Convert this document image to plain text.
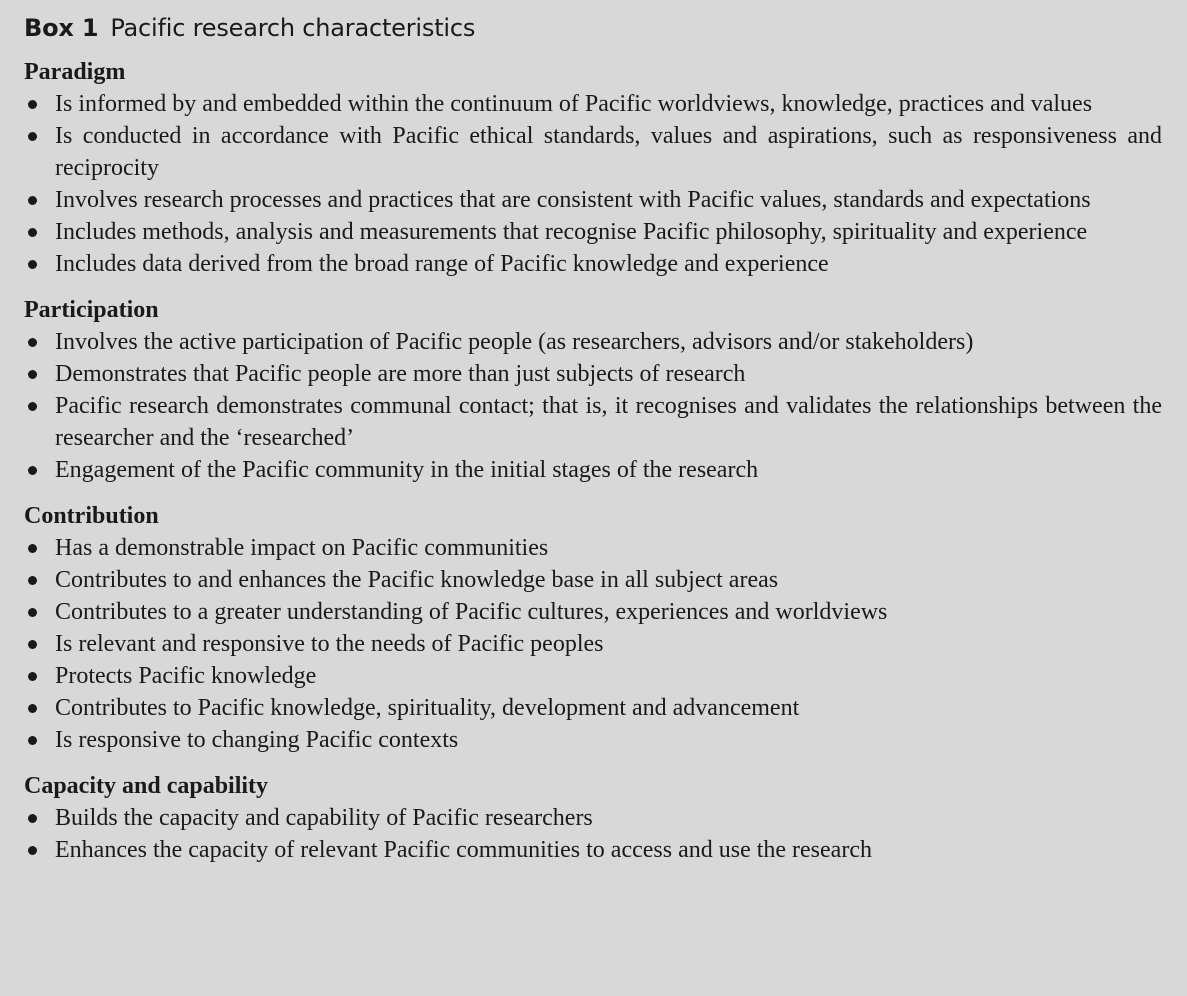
Box 1 Pacific research characteristics
Paradigm
Is informed by and embedded within the continuum of Pacific worldviews, knowledge, practices and values
Is conducted in accordance with Pacific ethical standards, values and aspirations, such as responsiveness and reciprocity
Involves research processes and practices that are consistent with Pacific values, standards and expectations
Includes methods, analysis and measurements that recognise Pacific philosophy, spirituality and experience
Includes data derived from the broad range of Pacific knowledge and experience
Participation
Involves the active participation of Pacific people (as researchers, advisors and/or stakeholders)
Demonstrates that Pacific people are more than just subjects of research
Pacific research demonstrates communal contact; that is, it recognises and validates the relationships between the researcher and the ‘researched’
Engagement of the Pacific community in the initial stages of the research
Contribution
Has a demonstrable impact on Pacific communities
Contributes to and enhances the Pacific knowledge base in all subject areas
Contributes to a greater understanding of Pacific cultures, experiences and worldviews
Is relevant and responsive to the needs of Pacific peoples
Protects Pacific knowledge
Contributes to Pacific knowledge, spirituality, development and advancement
Is responsive to changing Pacific contexts
Capacity and capability
Builds the capacity and capability of Pacific researchers
Enhances the capacity of relevant Pacific communities to access and use the research
